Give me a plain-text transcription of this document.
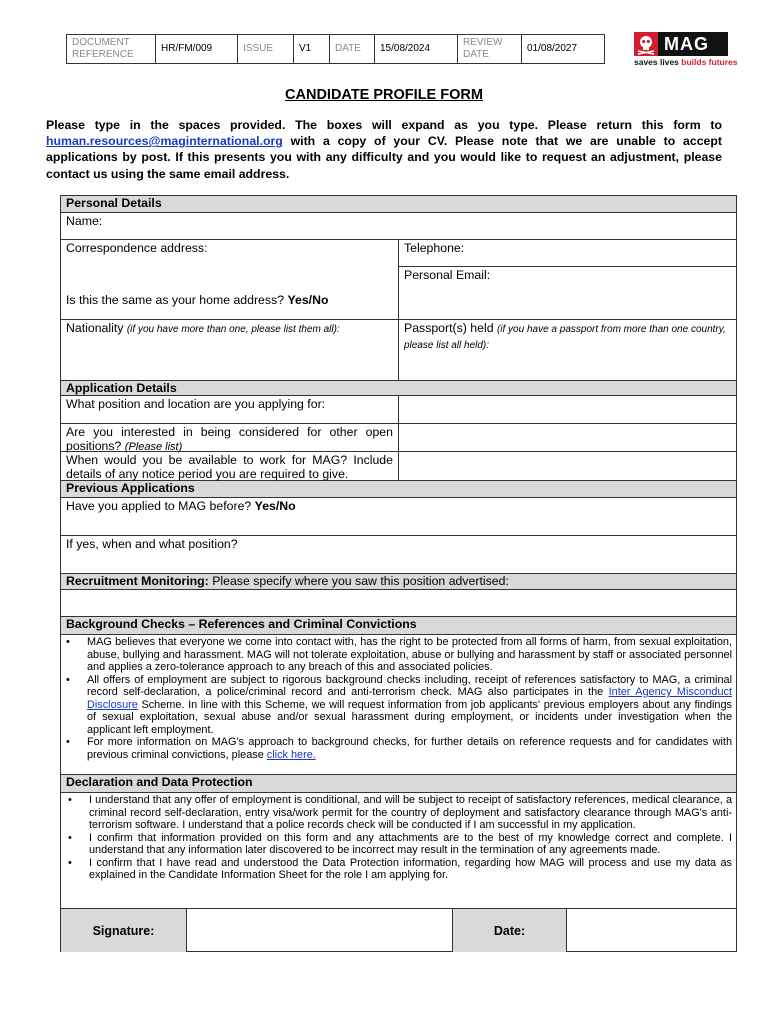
DOCUMENT REFERENCE	HR/FM/009	ISSUE	V1	DATE	15/08/2024	REVIEW DATE	01/08/2027	MAG
saves lives builds futures
CANDIDATE PROFILE FORM
Please type in the spaces provided. The boxes will expand as you type. Please return this form to human.resources@maginternational.org with a copy of your CV. Please note that we are unable to accept applications by post. If this presents you with any difficulty and you would like to request an adjustment, please contact us using the same email address.
Personal Details
Name:
Correspondence address:
Is this the same as your home address? Yes/No
Telephone:
Personal Email:
Nationality (if you have more than one, please list them all):	Passport(s) held (if you have a passport from more than one country, please list all held):
Application Details
What position and location are you applying for:
Are you interested in being considered for other open positions? (Please list)
When would you be available to work for MAG? Include details of any notice period you are required to give.
Previous Applications
Have you applied to MAG before? Yes/No
If yes, when and what position?
Recruitment Monitoring: Please specify where you saw this position advertised:
Background Checks – References and Criminal Convictions
• MAG believes that everyone we come into contact with, has the right to be protected from all forms of harm, from sexual exploitation, abuse, bullying and harassment. MAG will not tolerate exploitation, abuse or bullying and harassment by staff or associated personnel and applies a zero-tolerance approach to any breach of this and associated policies.
• All offers of employment are subject to rigorous background checks including, receipt of references satisfactory to MAG, a criminal record self-declaration, a police/criminal record and anti-terrorism check. MAG also participates in the Inter Agency Misconduct Disclosure Scheme. In line with this Scheme, we will request information from job applicants' previous employers about any findings of sexual exploitation, sexual abuse and/or sexual harassment during employment, or incidents under investigation when the applicant left employment.
• For more information on MAG's approach to background checks, for further details on reference requests and for candidates with previous criminal convictions, please click here.
Declaration and Data Protection
• I understand that any offer of employment is conditional, and will be subject to receipt of satisfactory references, medical clearance, a criminal record self-declaration, entry visa/work permit for the country of deployment and satisfactory clearance through MAG's anti-terrorism software. I understand that a police records check will be conducted if I am successful in my application.
• I confirm that information provided on this form and any attachments are to the best of my knowledge correct and complete. I understand that any information later discovered to be incorrect may result in the termination of any agreements made.
• I confirm that I have read and understood the Data Protection information, regarding how MAG will process and use my data as explained in the Candidate Information Sheet for the role I am applying for.
Signature:	Date:
